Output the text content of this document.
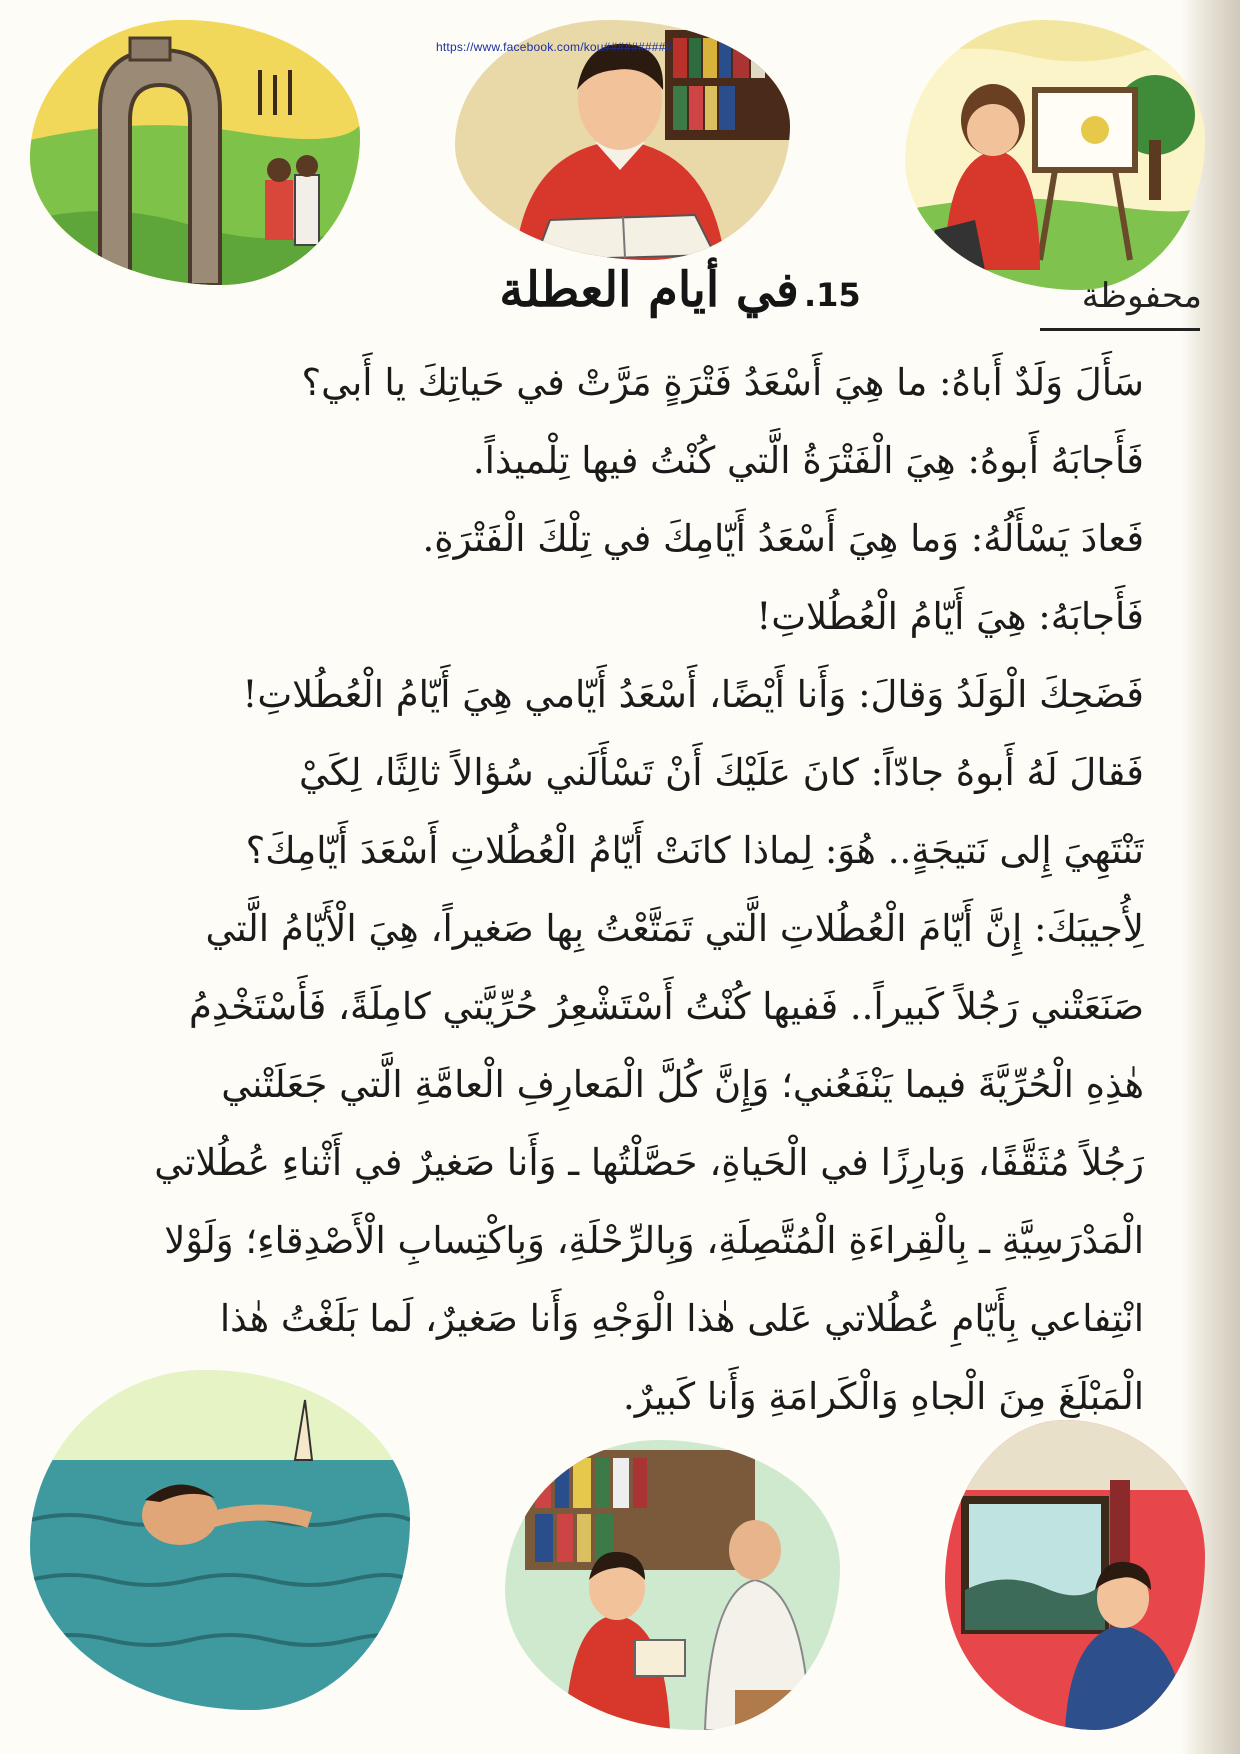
https://www.facebook.com/kou##########
محفوظة
15. في أيام العطلة
سَأَلَ وَلَدٌ أَباهُ: ما هِيَ أَسْعَدُ فَتْرَةٍ مَرَّتْ في حَياتِكَ يا أَبي؟
فَأَجابَهُ أَبوهُ: هِيَ الْفَتْرَةُ الَّتي كُنْتُ فيها تِلْميذاً.
فَعادَ يَسْأَلُهُ: وَما هِيَ أَسْعَدُ أَيّامِكَ في تِلْكَ الْفَتْرَةِ.
فَأَجابَهُ: هِيَ أَيّامُ الْعُطُلاتِ!
فَضَحِكَ الْوَلَدُ وَقالَ: وَأَنا أَيْضًا، أَسْعَدُ أَيّامي هِيَ أَيّامُ الْعُطُلاتِ!
فَقالَ لَهُ أَبوهُ جادّاً: كانَ عَلَيْكَ أَنْ تَسْأَلَني سُؤالاً ثالِثًا، لِكَيْ
تَنْتَهِيَ إِلى نَتيجَةٍ.. هُوَ: لِماذا كانَتْ أَيّامُ الْعُطُلاتِ أَسْعَدَ أَيّامِكَ؟
لِأُجيبَكَ: إِنَّ أَيّامَ الْعُطُلاتِ الَّتي تَمَتَّعْتُ بِها صَغيراً، هِيَ الْأَيّامُ الَّتي
صَنَعَتْني رَجُلاً كَبيراً.. فَفيها كُنْتُ أَسْتَشْعِرُ حُرِّيَّتي كامِلَةً، فَأَسْتَخْدِمُ
هٰذِهِ الْحُرِّيَّةَ فيما يَنْفَعُني؛ وَإِنَّ كُلَّ الْمَعارِفِ الْعامَّةِ الَّتي جَعَلَتْني
رَجُلاً مُثَقَّفًا، وَبارِزًا في الْحَياةِ، حَصَّلْتُها ـ وَأَنا صَغيرٌ في أَثْناءِ عُطُلاتي
الْمَدْرَسِيَّةِ ـ بِالْقِراءَةِ الْمُتَّصِلَةِ، وَبِالرِّحْلَةِ، وَبِاكْتِسابِ الْأَصْدِقاءِ؛ وَلَوْلا
انْتِفاعي بِأَيّامِ عُطُلاتي عَلى هٰذا الْوَجْهِ وَأَنا صَغيرٌ، لَما بَلَغْتُ هٰذا
الْمَبْلَغَ مِنَ الْجاهِ وَالْكَرامَةِ وَأَنا كَبيرٌ.
